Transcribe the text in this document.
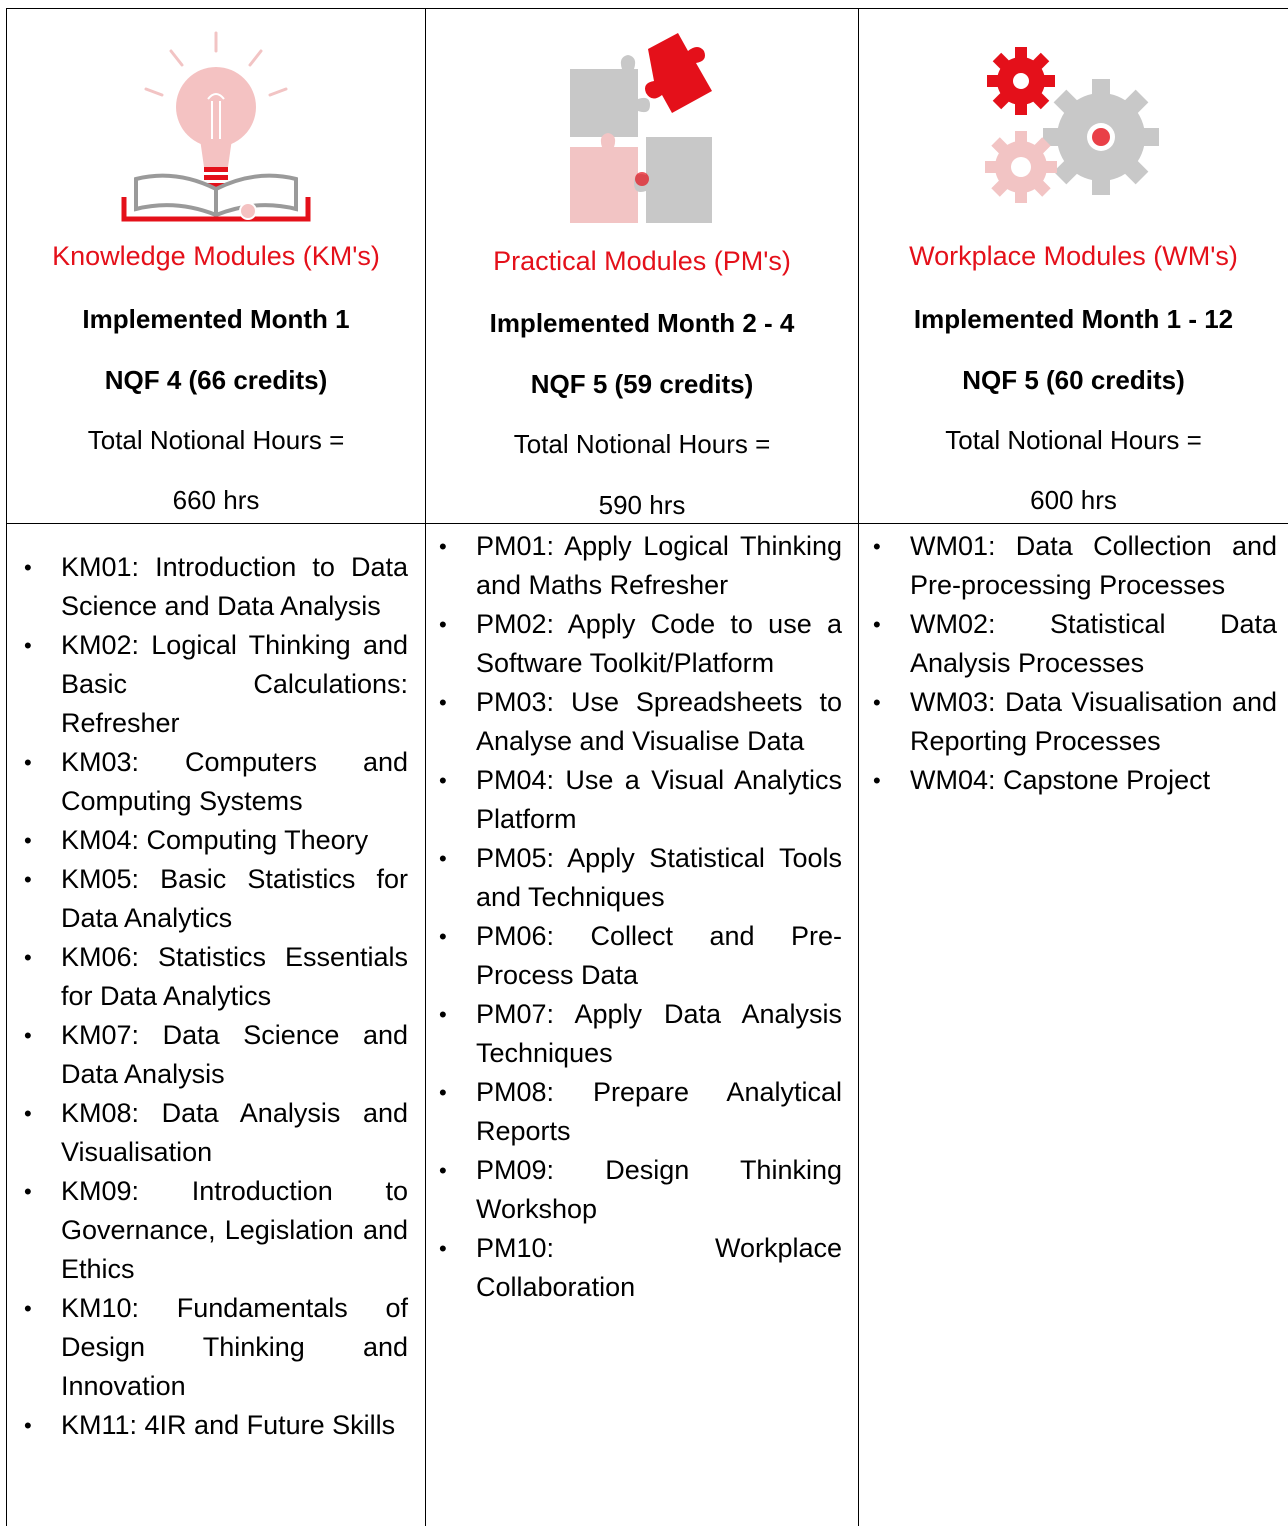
Knowledge Modules (KM's)
Implemented Month 1
NQF 4 (66 credits)
Total Notional Hours =
660 hrs
Practical Modules (PM's)
Implemented Month 2 - 4
NQF 5 (59 credits)
Total Notional Hours =
590 hrs
Workplace Modules (WM's)
Implemented Month 1 - 12
NQF 5 (60 credits)
Total Notional Hours =
600 hrs
• KM01: Introduction to Data Science and Data Analysis
• KM02: Logical Thinking and Basic Calculations: Refresher
• KM03: Computers and Computing Systems
• KM04: Computing Theory
• KM05: Basic Statistics for Data Analytics
• KM06: Statistics Essentials for Data Analytics
• KM07: Data Science and Data Analysis
• KM08: Data Analysis and Visualisation
• KM09: Introduction to Governance, Legislation and Ethics
• KM10: Fundamentals of Design Thinking and Innovation
• KM11: 4IR and Future Skills
• PM01: Apply Logical Thinking and Maths Refresher
• PM02: Apply Code to use a Software Toolkit/Platform
• PM03: Use Spreadsheets to Analyse and Visualise Data
• PM04: Use a Visual Analytics Platform
• PM05: Apply Statistical Tools and Techniques
• PM06: Collect and Pre-Process Data
• PM07: Apply Data Analysis Techniques
• PM08: Prepare Analytical Reports
• PM09: Design Thinking Workshop
• PM10: Workplace Collaboration
• WM01: Data Collection and Pre-processing Processes
• WM02: Statistical Data Analysis Processes
• WM03: Data Visualisation and Reporting Processes
• WM04: Capstone Project
